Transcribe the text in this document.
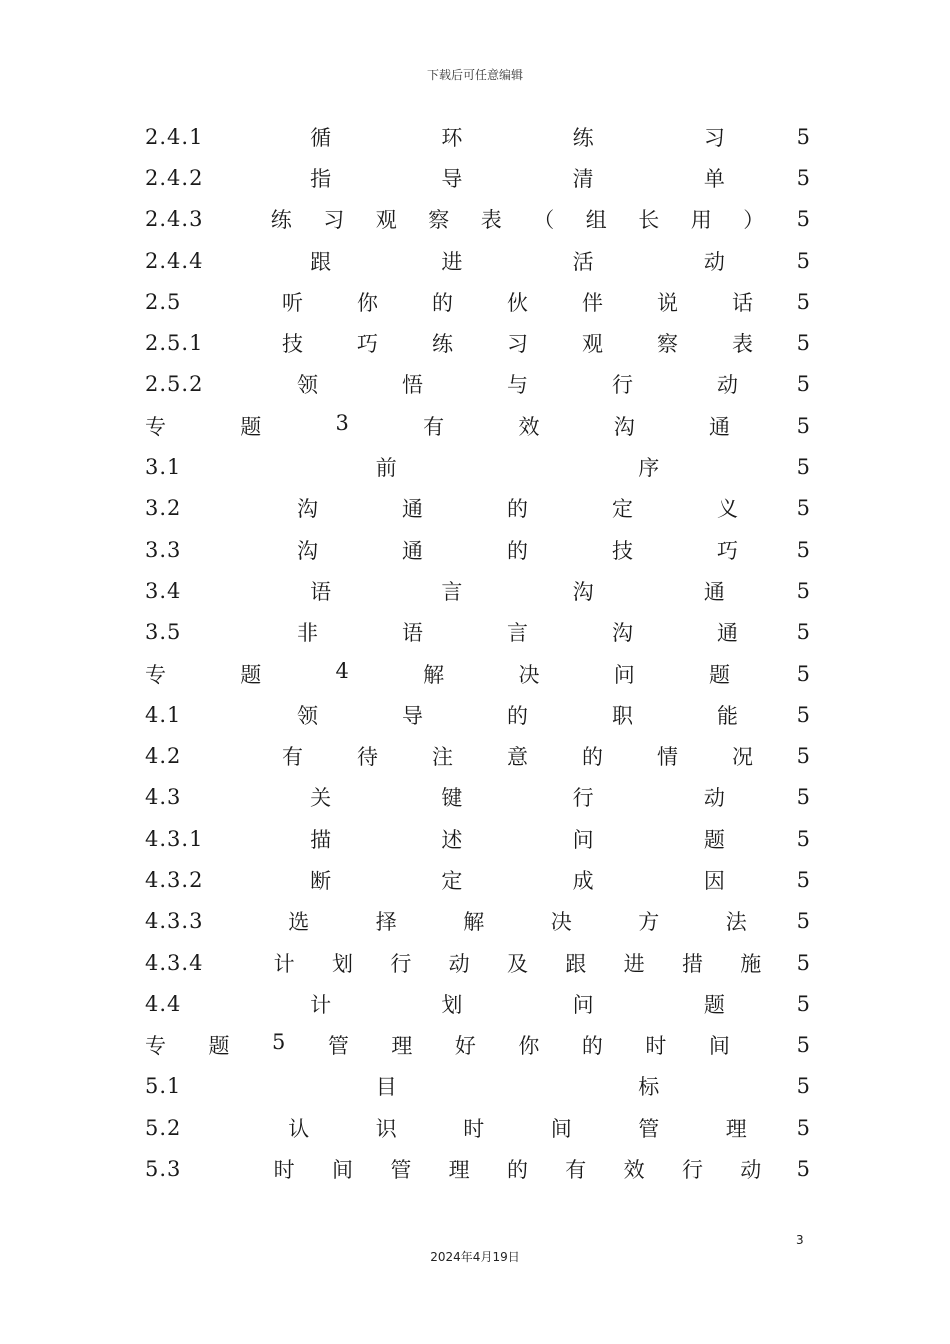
下载后可任意编辑
2.4.1	循	环	练	习	5
2.4.2	指	导	清	单	5
2.4.3	练 习 观 察 表 （ 组 长 用 ）	5
2.4.4	跟	进	活	动	5
2.5	听	你	的	伙	伴	说	话	5
2.5.1	技	巧	练	习	观	察	表	5
2.5.2	领	悟	与	行	动	5
专	题	3	有	效	沟	通	5
3.1	前	序	5
3.2	沟	通	的	定	义	5
3.3	沟	通	的	技	巧	5
3.4	语	言	沟	通	5
3.5	非	语	言	沟	通	5
专	题	4	解	决	问	题	5
4.1	领	导	的	职	能	5
4.2	有	待	注	意	的	情	况	5
4.3	关	键	行	动	5
4.3.1	描	述	问	题	5
4.3.2	断	定	成	因	5
4.3.3	选	择	解	决	方	法	5
4.3.4	计 划 行 动 及 跟 进 措 施	5
4.4	计	划	问	题	5
专 题 5 管 理 好 你 的 时 间	5
5.1	目	标	5
5.2	认	识	时	间	管	理	5
5.3	时 间 管 理 的 有 效 行 动	5
3
2024年4月19日
